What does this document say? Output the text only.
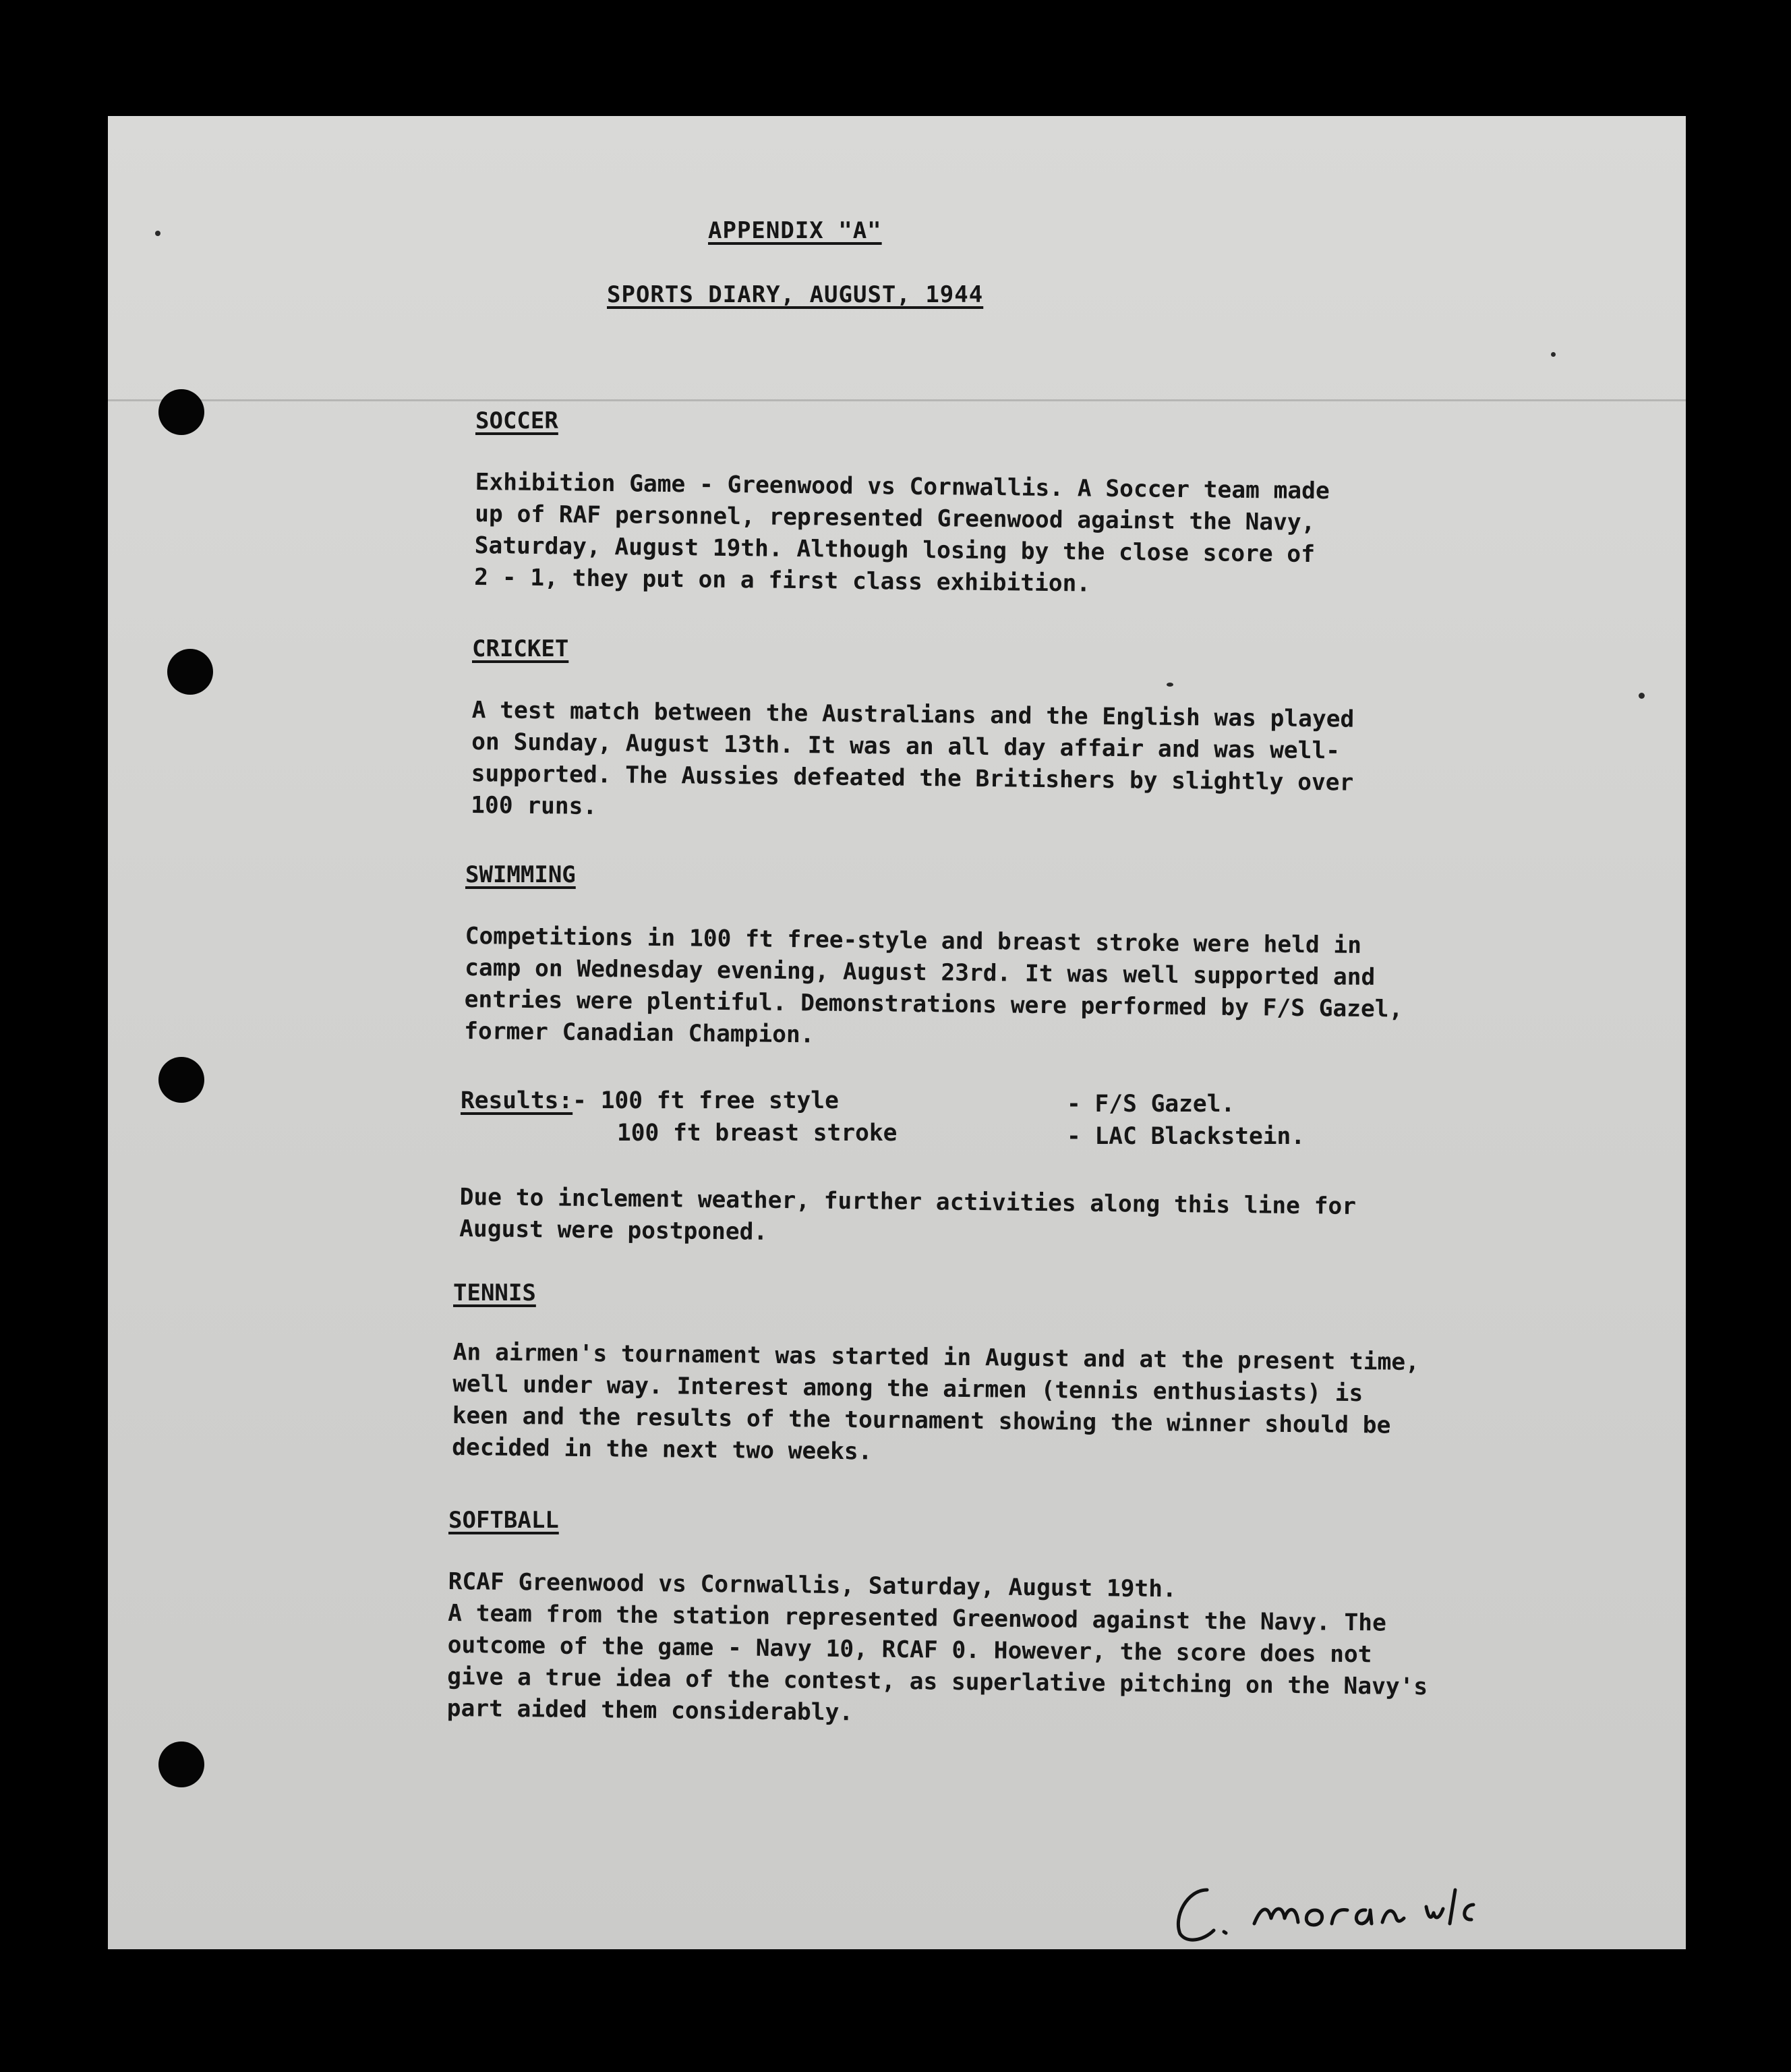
APPENDIX "A"
SPORTS DIARY, AUGUST, 1944
SOCCER
Exhibition Game - Greenwood vs Cornwallis. A Soccer team made
up of RAF personnel, represented Greenwood against the Navy,
Saturday, August 19th. Although losing by the close score of
2 - 1, they put on a first class exhibition.
CRICKET
A test match between the Australians and the English was played
on Sunday, August 13th. It was an all day affair and was well-
supported. The Aussies defeated the Britishers by slightly over
100 runs.
SWIMMING
Competitions in 100 ft free-style and breast stroke were held in
camp on Wednesday evening, August 23rd. It was well supported and
entries were plentiful. Demonstrations were performed by F/S Gazel,
former Canadian Champion.
Results:- 100 ft free style	- F/S Gazel.
100 ft breast stroke	- LAC Blackstein.
Due to inclement weather, further activities along this line for
August were postponed.
TENNIS
An airmen's tournament was started in August and at the present time,
well under way. Interest among the airmen (tennis enthusiasts) is
keen and the results of the tournament showing the winner should be
decided in the next two weeks.
SOFTBALL
RCAF Greenwood vs Cornwallis, Saturday, August 19th.
A team from the station represented Greenwood against the Navy. The
outcome of the game - Navy 10, RCAF 0. However, the score does not
give a true idea of the contest, as superlative pitching on the Navy's
part aided them considerably.
